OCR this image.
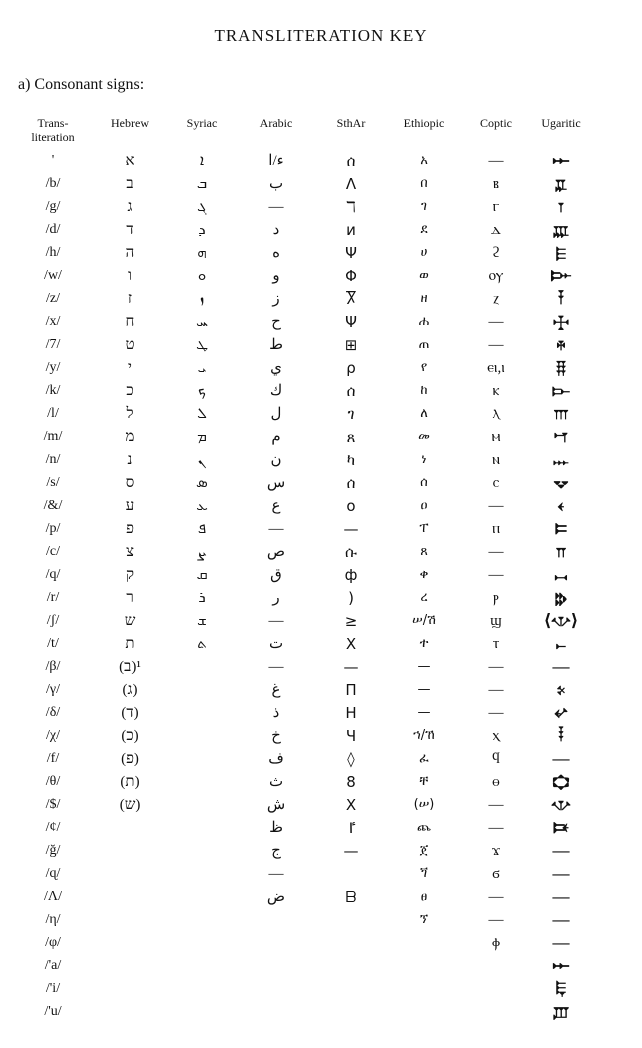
TRANSLITERATION KEY
a) Consonant signs:
Trans-
literation
'
/b/
/g/
/d/
/h/
/w/
/z/
/x/
/7/
/y/
/k/
/l/
/m/
/n/
/s/
/&/
/p/
/c/
/q/
/r/
/ʃ/
/t/
/β/
/γ/
/δ/
/χ/
/f/
/θ/
/$/
/¢/
/ğ/
/ɋ/
/Λ/
/η/
/φ/
/'a/
/'i/
/'u/
Hebrew
א
ב
ג
ד
ה
ו
ז
ח
ט
י
כ
ל
מ
נ
ס
ע
פ
צ
ק
ר
ש
ת
(ב)¹
(ג)
(ד)
(כ)
(פ)
(ת)
(ש)
Syriac
ܐ
ܒ
ܓ
ܕ
ܗ
ܘ
ܙ
ܚ
ܛ
ܝ
ܟ
ܠ
ܡ
ܢ
ܣ
ܥ
ܦ
ܨ
ܩ
ܪ
ܫ
ܬ
Arabic
ء/ا
ب
—
د
ه
و
ز
ح
ط
ي
ك
ل
م
ن
س
ع
—
ص
ق
ر
—
ت
—
غ
ذ
خ
ف
ث
ش
ظ
ج
—
ض
SthAr
ሰ
ⴷ
ℸ
ᴎ
Ψ
Φ
Ⴟ
Ψ
⊞
ρ
ሰ
ገ
ጸ
ካ
ሰ
o
—
ሱ
ф
)
≥
X
—
Π
H
Ч
◊
8
X
ٵ
—
ᗷ
Ethiopic
አ
በ
ገ
ደ
ሀ
ወ
ዘ
ሐ
ጠ
የ
ከ
ለ
መ
ነ
ሰ
ዐ
ፐ
ጸ
ቀ
ረ
ሠ/ሽ
ተ
—
—
—
ኀ/ኸ
ፈ
ቸ
(ሠ)
ጨ
ጀ
ጘ
ፀ
ኘ
Coptic
—
ⲃ
ⲅ
ⲇ
ϩ
ⲟⲩ
ⲍ
—
—
ⲉⲓ,ⲓ
ⲕ
ⲗ
ⲙ
ⲛ
ⲥ
—
ⲡ
—
—
ⲣ
ϣ
ⲧ
—
—
—
ⲭ
ϥ
ⲑ
—
—
ϫ
ϭ
—
—
ⲫ
Ugaritic
𐎀
𐎁
𐎂
𐎄
𐎅
𐎆
𐎇
𐎈
𐎉
𐎊
𐎋
𐎍
𐎎
𐎐
𐎒
𐎓
𐎔
𐎕
𐎖
𐎗
⟨𐎌⟩
𐎚
—
𐎙
𐎏
𐎃
—
𐎘
𐎌
𐎑
—
—
—
—
—
𐎀
𐎛
𐎜
